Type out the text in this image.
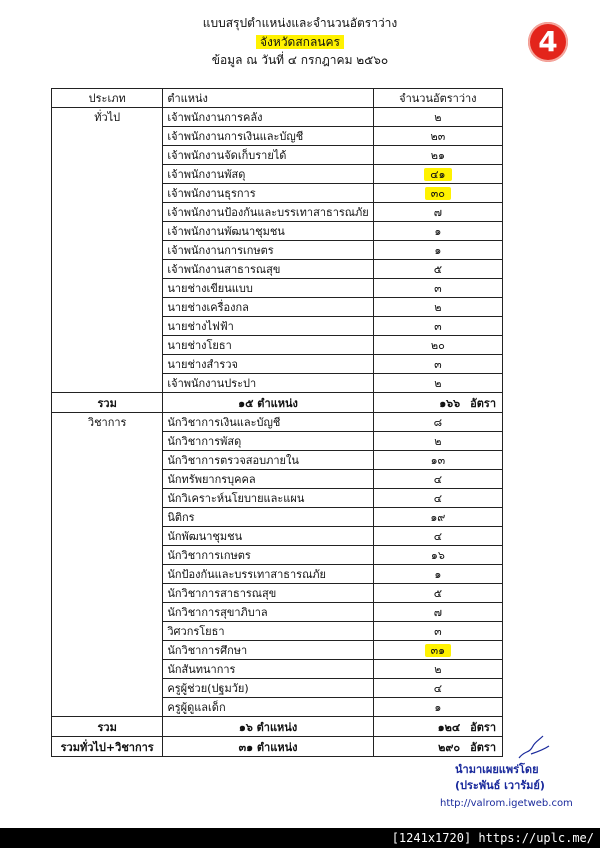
แบบสรุปตำแหน่งและจำนวนอัตราว่าง
จังหวัดสกลนคร
ข้อมูล ณ วันที่ ๔ กรกฎาคม ๒๕๖๐
4
ประเภท	ตำแหน่ง	จำนวนอัตราว่าง
ทั่วไป	เจ้าพนักงานการคลัง	๒
	เจ้าพนักงานการเงินและบัญชี	๒๓
	เจ้าพนักงานจัดเก็บรายได้	๒๑
	เจ้าพนักงานพัสดุ	๔๑
	เจ้าพนักงานธุรการ	๓๐
	เจ้าพนักงานป้องกันและบรรเทาสาธารณภัย	๗
	เจ้าพนักงานพัฒนาชุมชน	๑
	เจ้าพนักงานการเกษตร	๑
	เจ้าพนักงานสาธารณสุข	๕
	นายช่างเขียนแบบ	๓
	นายช่างเครื่องกล	๒
	นายช่างไฟฟ้า	๓
	นายช่างโยธา	๒๐
	นายช่างสำรวจ	๓
	เจ้าพนักงานประปา	๒
รวม	๑๕ ตำแหน่ง	๑๖๖ อัตรา
วิชาการ	นักวิชาการเงินและบัญชี	๘
	นักวิชาการพัสดุ	๒
	นักวิชาการตรวจสอบภายใน	๑๓
	นักทรัพยากรบุคคล	๔
	นักวิเคราะห์นโยบายและแผน	๔
	นิติกร	๑๙
	นักพัฒนาชุมชน	๔
	นักวิชาการเกษตร	๑๖
	นักป้องกันและบรรเทาสาธารณภัย	๑
	นักวิชาการสาธารณสุข	๕
	นักวิชาการสุขาภิบาล	๗
	วิศวกรโยธา	๓
	นักวิชาการศึกษา	๓๑
	นักสันทนาการ	๒
	ครูผู้ช่วย(ปฐมวัย)	๔
	ครูผู้ดูแลเด็ก	๑
รวม	๑๖ ตำแหน่ง	๑๒๔ อัตรา
รวมทั่วไป+วิชาการ	๓๑ ตำแหน่ง	๒๙๐ อัตรา
นำมาเผยแพร่โดย
(ประพันธ์ เวารัมย์)
http://valrom.igetweb.com
[1241x1720] https://uplc.me/
